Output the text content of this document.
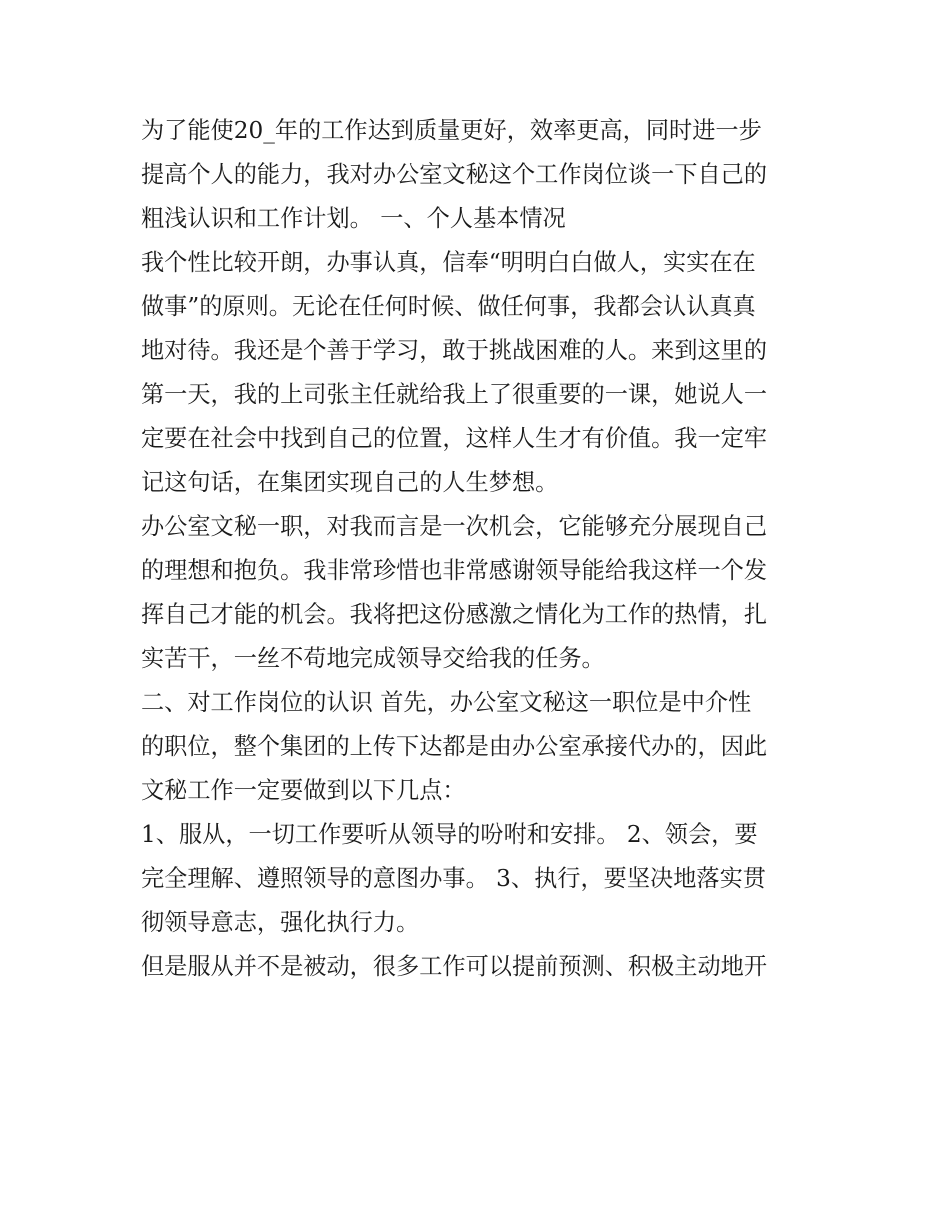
为了能使20_年的工作达到质量更好，效率更高，同时进一步
提高个人的能力，我对办公室文秘这个工作岗位谈一下自己的
粗浅认识和工作计划。 一、个人基本情况
我个性比较开朗，办事认真，信奉“明明白白做人，实实在在
做事”的原则。无论在任何时候、做任何事，我都会认认真真
地对待。我还是个善于学习，敢于挑战困难的人。来到这里的
第一天，我的上司张主任就给我上了很重要的一课，她说人一
定要在社会中找到自己的位置，这样人生才有价值。我一定牢
记这句话，在集团实现自己的人生梦想。
办公室文秘一职，对我而言是一次机会，它能够充分展现自己
的理想和抱负。我非常珍惜也非常感谢领导能给我这样一个发
挥自己才能的机会。我将把这份感激之情化为工作的热情，扎
实苦干，一丝不苟地完成领导交给我的任务。
二、对工作岗位的认识 首先，办公室文秘这一职位是中介性
的职位，整个集团的上传下达都是由办公室承接代办的，因此
文秘工作一定要做到以下几点：
1、服从，一切工作要听从领导的吩咐和安排。 2、领会，要
完全理解、遵照领导的意图办事。 3、执行，要坚决地落实贯
彻领导意志，强化执行力。
但是服从并不是被动，很多工作可以提前预测、积极主动地开
